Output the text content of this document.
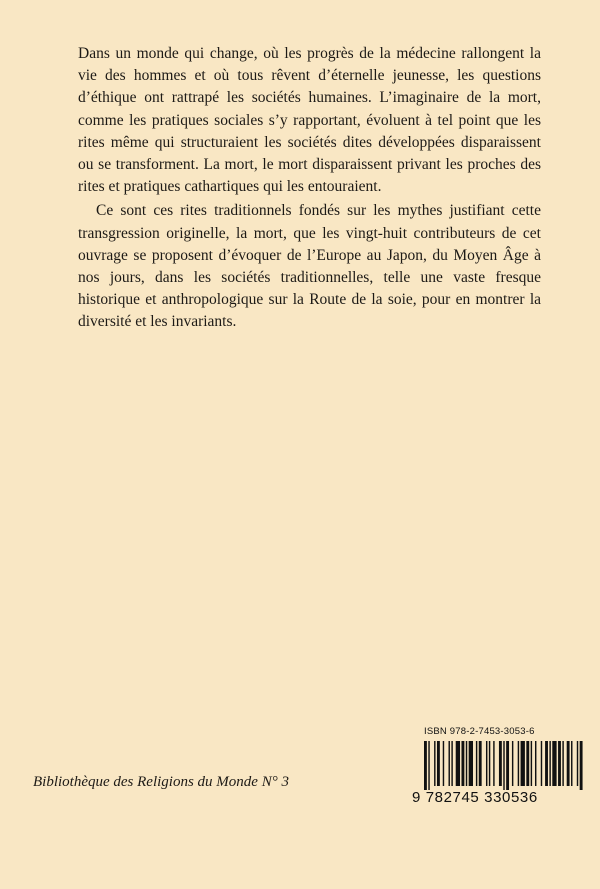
Dans un monde qui change, où les progrès de la médecine rallongent la vie des hommes et où tous rêvent d’éternelle jeunesse, les questions d’éthique ont rattrapé les sociétés humaines. L’imaginaire de la mort, comme les pratiques sociales s’y rapportant, évoluent à tel point que les rites même qui structuraient les sociétés dites développées disparaissent ou se transforment. La mort, le mort disparaissent privant les proches des rites et pratiques cathartiques qui les entouraient.

Ce sont ces rites traditionnels fondés sur les mythes justifiant cette transgression originelle, la mort, que les vingt-huit contributeurs de cet ouvrage se proposent d’évoquer de l’Europe au Japon, du Moyen Âge à nos jours, dans les sociétés traditionnelles, telle une vaste fresque historique et anthropologique sur la Route de la soie, pour en montrer la diversité et les invariants.

Bibliothèque des Religions du Monde N° 3
ISBN 978-2-7453-3053-6
9 782745 330536
